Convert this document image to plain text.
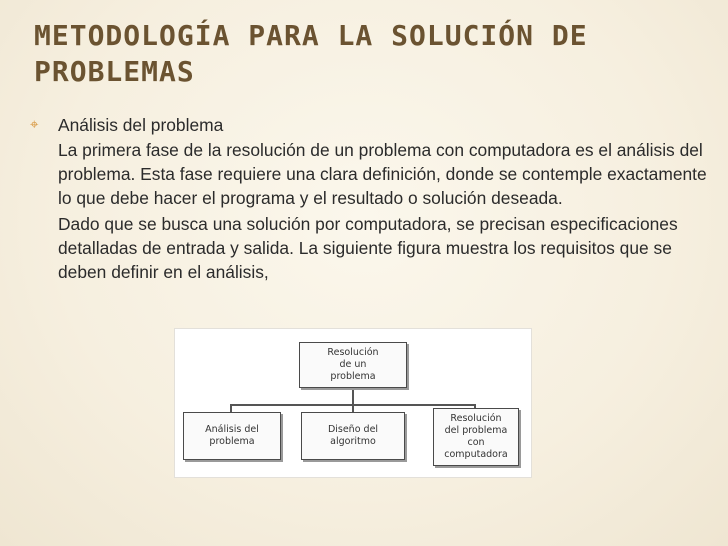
METODOLOGÍA PARA LA SOLUCIÓN DE PROBLEMAS
⌖	Análisis del problema

La primera fase de la resolución de un problema con computadora es el análisis del problema. Esta fase requiere una clara definición, donde se contemple exactamente lo que debe hacer el programa y el resultado o solución deseada.

Dado que se busca una solución por computadora, se precisan especificaciones detalladas de entrada y salida. La siguiente figura muestra los requisitos que se deben definir en el análisis,

Resolución
de un
problema
Análisis del
problema
Diseño del
algoritmo
Resolución
del problema
con
computadora
